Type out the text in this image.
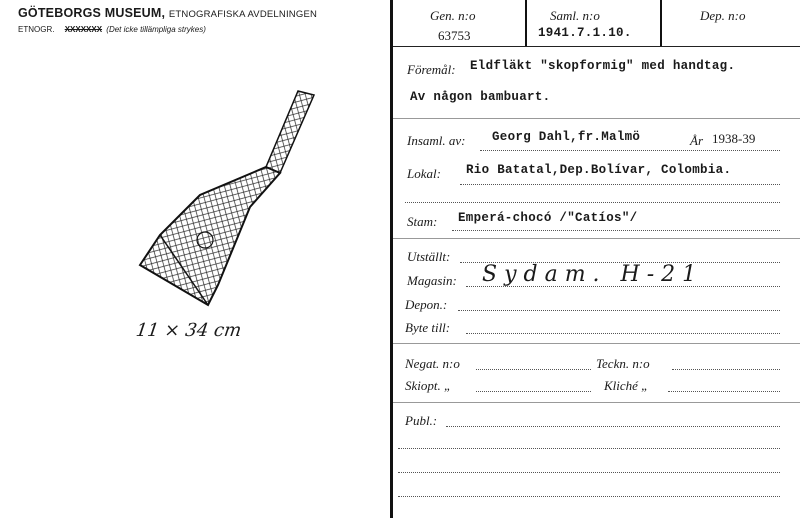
GÖTEBORGS MUSEUM, ETNOGRAFISKA AVDELNINGEN
ETNOGR. XXXXXXX (Det icke tillämpliga strykes)
11 × 34 cm
Gen. n:o
63753
Saml. n:o
1941.7.1.10.
Dep. n:o
Föremål: Eldfläkt "skopformig" med handtag.
Av någon bambuart.
Insaml. av: Georg Dahl,fr.Malmö	År 1938-39
Lokal: Rio Batatal,Dep.Bolívar, Colombia.
Stam: Emperá-chocó /"Catíos"/
Utställt:
Magasin: Sydam. H-21
Depon.:
Byte till:
Negat. n:o	Teckn. n:o
Skiopt. „	Kliché „
Publ.:
